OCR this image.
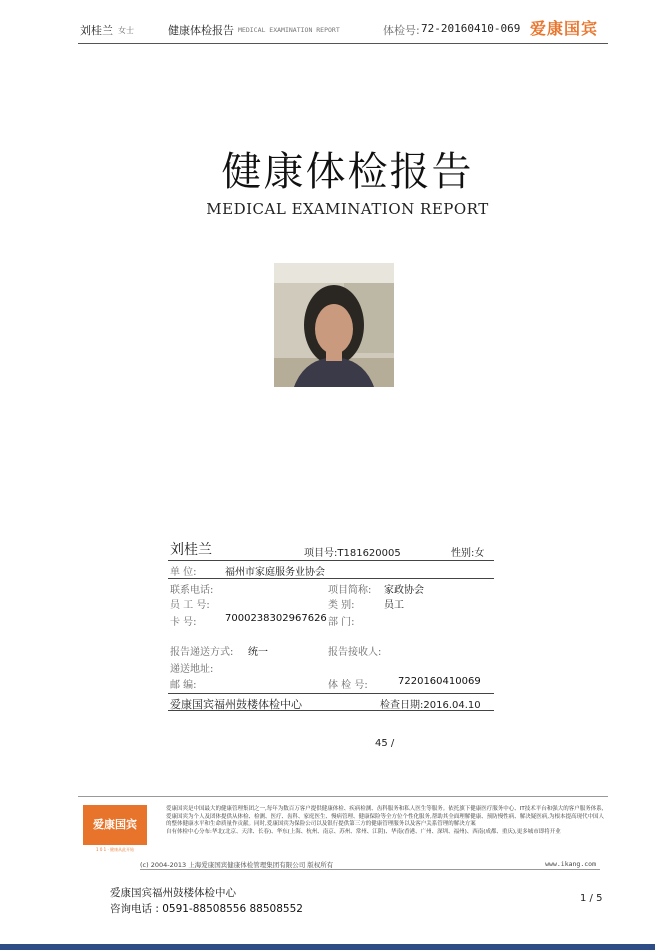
刘桂兰 女士	健康体检报告 MEDICAL EXAMINATION REPORT	体检号: 72-20160410-069 爱康国宾
健康体检报告
MEDICAL EXAMINATION REPORT
刘桂兰	项目号:T181620005	性别:女
单 位:	福州市家庭服务业协会
联系电话:	项目简称: 家政协会
员 工 号:	类 别:	员工
卡 号:	7000238302967626 部 门:
报告递送方式: 统一	报告接收人:
递送地址:
邮 编:	体 检 号:	7220160410069
爱康国宾福州鼓楼体检中心	检查日期:2016.04.10
45 /
爱康国宾
1 0 1 · 健康从此开始

爱康国宾是中国最大的健康管理集团之一,每年为数百万客户提供健康体检、疾病检测、齿科服务和私人医生等服务。依托旗下健康医疗服务中心、IT技术平台和强大的客户服务体系,爱康国宾为个人及团体提供从体检、检测、医疗、齿科、家庭医生、慢病管理、健康保险等全方位个性化服务,帮助其全面理解健康、预防慢性病、解决疑医病,为根本提高现代中国人的整体健康水平和生命质量作贡献。同时,爱康国宾为保险公司以及银行提供第三方的健康管理服务以及客户关系管理的解决方案

自有体检中心分布:华北(北京、天津、长春)、华东(上海、杭州、南京、苏州、常州、江阴)、华南(香港、广州、深圳、福州)、西南(成都、重庆),更多城市即将开业

(c) 2004-2013 上海爱康国宾健康体检管理集团有限公司 版权所有	www.ikang.com
爱康国宾福州鼓楼体检中心
咨询电话 : 0591-88508556 88508552
1 / 5
